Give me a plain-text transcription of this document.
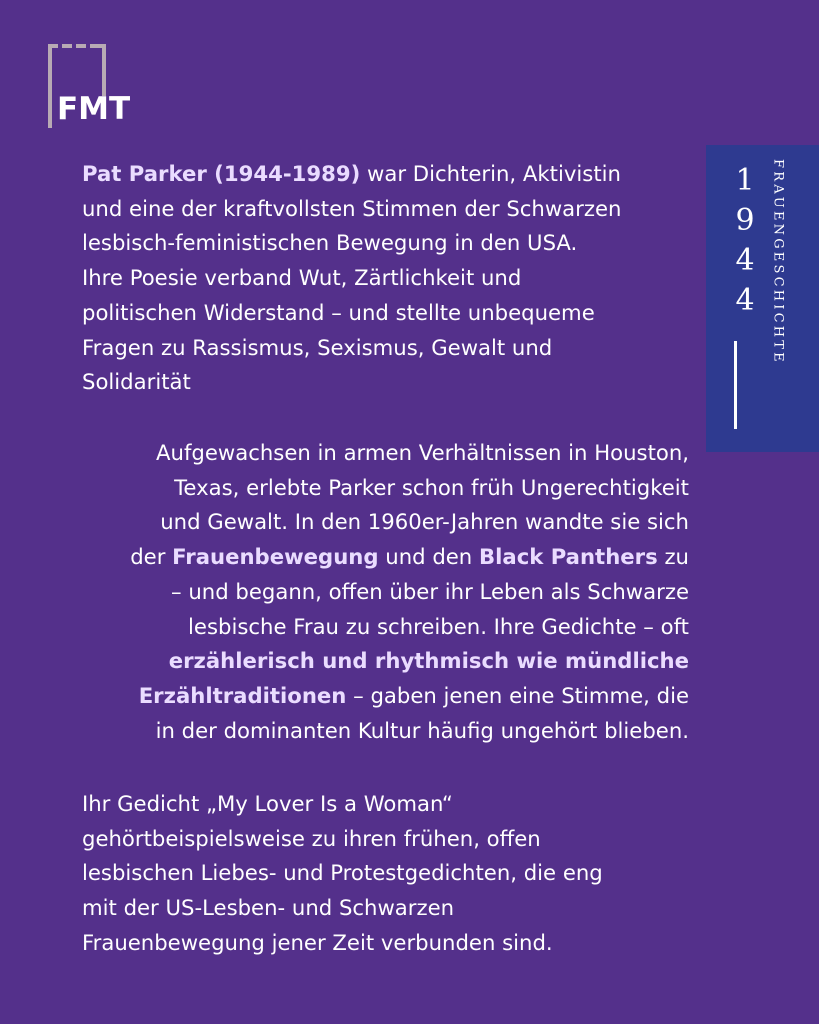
FMT
1
9
4
4 FRAUENGESCHICHTE
Pat Parker (1944-1989) war Dichterin, Aktivistin
und eine der kraftvollsten Stimmen der Schwarzen
lesbisch-feministischen Bewegung in den USA.
Ihre Poesie verband Wut, Zärtlichkeit und
politischen Widerstand – und stellte unbequeme
Fragen zu Rassismus, Sexismus, Gewalt und
Solidarität
Aufgewachsen in armen Verhältnissen in Houston,
Texas, erlebte Parker schon früh Ungerechtigkeit
und Gewalt. In den 1960er-Jahren wandte sie sich
der Frauenbewegung und den Black Panthers zu
– und begann, offen über ihr Leben als Schwarze
lesbische Frau zu schreiben. Ihre Gedichte – oft
erzählerisch und rhythmisch wie mündliche
Erzähltraditionen – gaben jenen eine Stimme, die
in der dominanten Kultur häufig ungehört blieben.
Ihr Gedicht „My Lover Is a Woman“
gehörtbeispielsweise zu ihren frühen, offen
lesbischen Liebes- und Protestgedichten, die eng
mit der US-Lesben- und Schwarzen
Frauenbewegung jener Zeit verbunden sind.
